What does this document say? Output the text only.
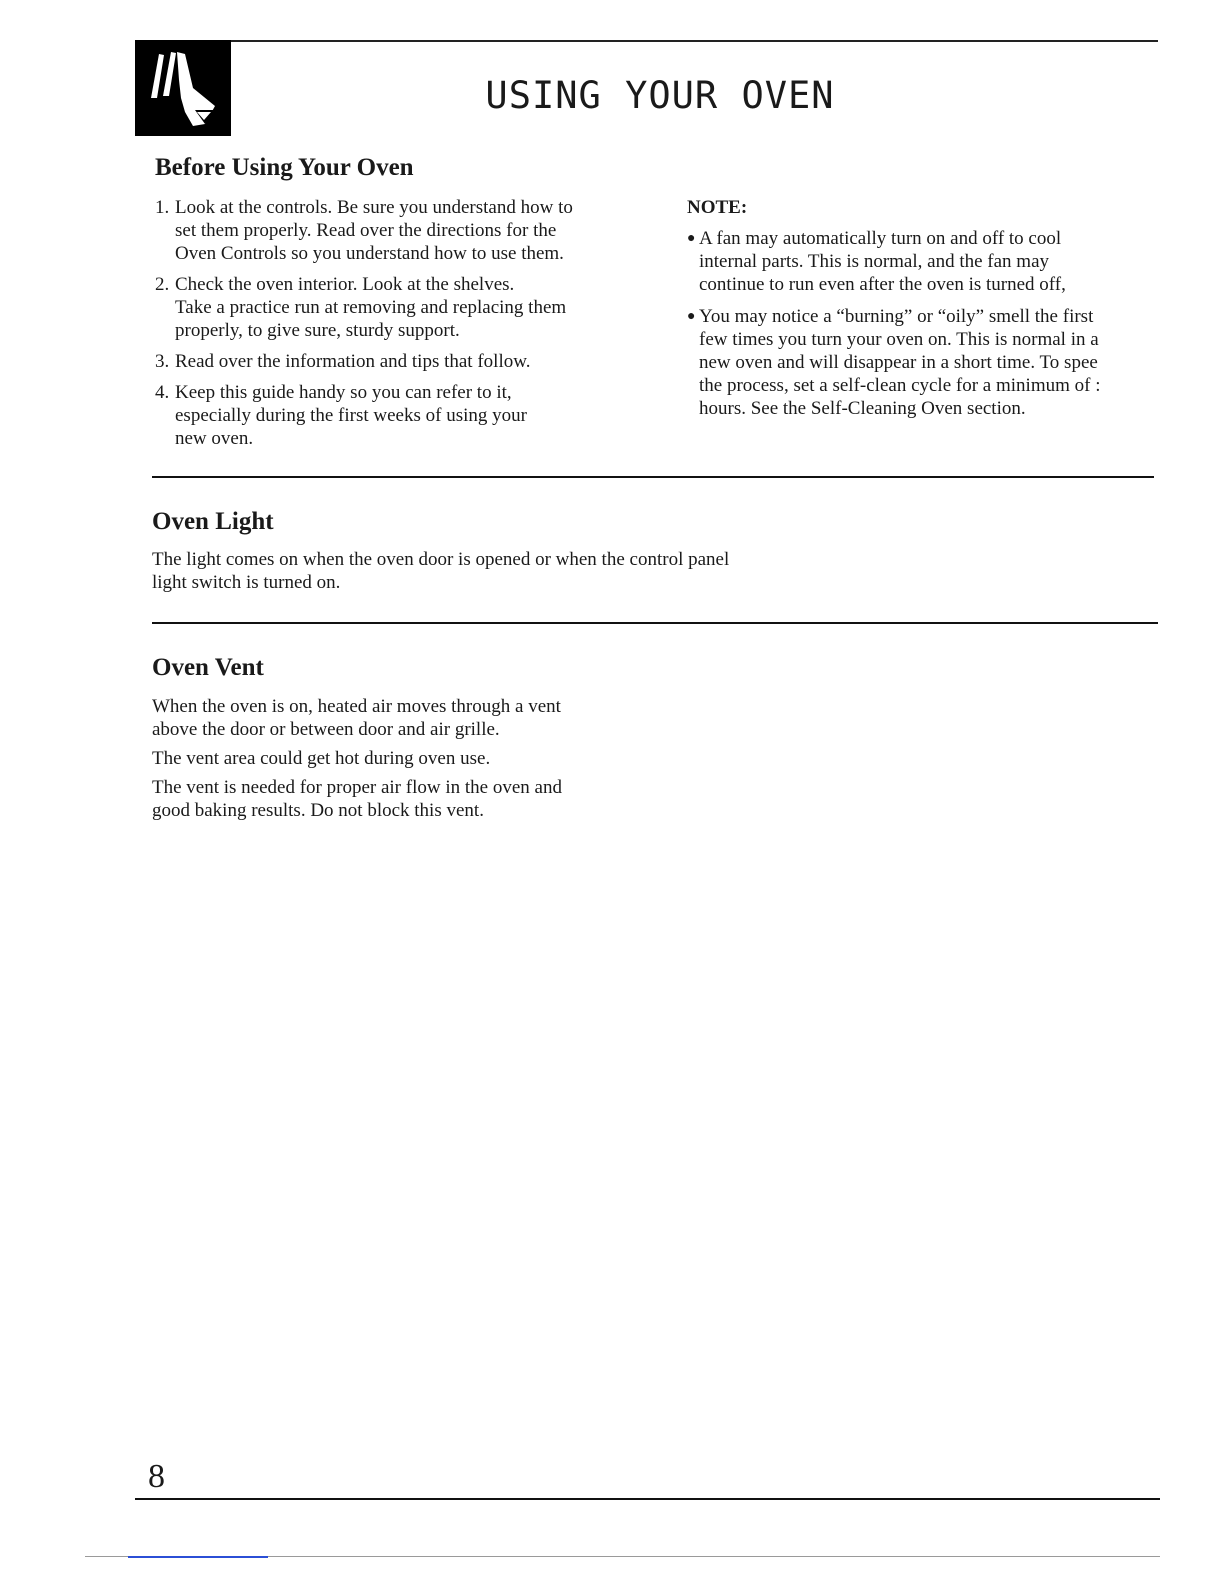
USING YOUR OVEN
Before Using Your Oven
1. Look at the controls. Be sure you understand how to
set them properly. Read over the directions for the
Oven Controls so you understand how to use them.
2. Check the oven interior. Look at the shelves.
Take a practice run at removing and replacing them
properly, to give sure, sturdy support.
3. Read over the information and tips that follow.
4. Keep this guide handy so you can refer to it,
especially during the first weeks of using your
new oven.
NOTE:
● A fan may automatically turn on and off to cool
internal parts. This is normal, and the fan may
continue to run even after the oven is turned off,
● You may notice a “burning” or “oily” smell the first
few times you turn your oven on. This is normal in a
new oven and will disappear in a short time. To spee
the process, set a self-clean cycle for a minimum of :
hours. See the Self-Cleaning Oven section.
Oven Light
The light comes on when the oven door is opened or when the control panel
light switch is turned on.
Oven Vent
When the oven is on, heated air moves through a vent
above the door or between door and air grille.
The vent area could get hot during oven use.
The vent is needed for proper air flow in the oven and
good baking results. Do not block this vent.

8
